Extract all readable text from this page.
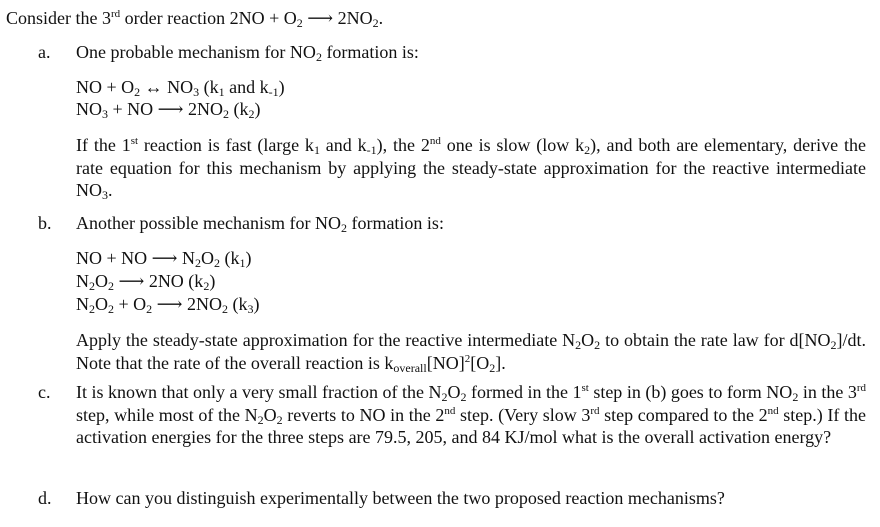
Consider the 3rd order reaction $2NO + O_2$ ⟶ $2NO_2$.
a. One probable mechanism for $NO_2$ formation is:
NO + $O_2$ ↔ $NO_3$ ($k_1$ and $k_{-1}$)
$NO_3$ + NO ⟶ $2NO_2$ $(k_2)$
If the 1st reaction is fast (large $k_1$ and $k_{-1}$), the 2nd one is slow (low $k_2$), and both are elementary, derive the rate equation for this mechanism by applying the steady-state approximation for the reactive intermediate $NO_3$.
b. Another possible mechanism for $NO_2$ formation is:
NO + NO ⟶ $N_2O_2$ $(k_1)$
$N_2O_2$ ⟶ 2NO $(k_2)$
$N_2O_2 + O_2$ ⟶ $2NO_2$ $(k_3)$
Apply the steady-state approximation for the reactive intermediate $N_2O_2$ to obtain the rate law for $d[NO_2]/dt$. Note that the rate of the overall reaction is $k_{overall}[NO]^2[O_2]$.
c. It is known that only a very small fraction of the $N_2O_2$ formed in the 1st step in (b) goes to form $NO_2$ in the 3rd step, while most of the $N_2O_2$ reverts to NO in the 2nd step. (Very slow 3rd step compared to the 2nd step.) If the activation energies for the three steps are 79.5, 205, and 84 KJ/mol what is the overall activation energy?
d. How can you distinguish experimentally between the two proposed reaction mechanisms?
